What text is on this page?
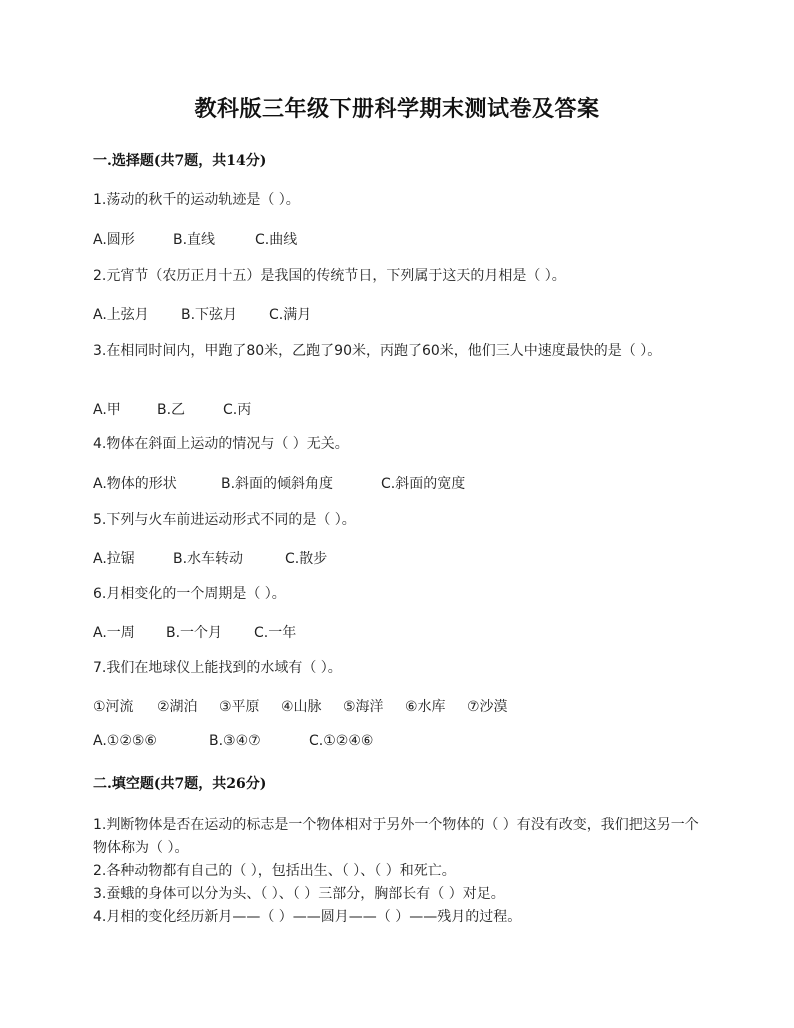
教科版三年级下册科学期末测试卷及答案
一.选择题(共7题，共14分)
1.荡动的秋千的运动轨迹是（ ）。
A.圆形	B.直线	C.曲线
2.元宵节（农历正月十五）是我国的传统节日，下列属于这天的月相是（ ）。
A.上弦月 B.下弦月 C.满月
3.在相同时间内，甲跑了80米，乙跑了90米，丙跑了60米，他们三人中速度最快的是（ ）。
A.甲	B.乙	C.丙
4.物体在斜面上运动的情况与（ ）无关。
A.物体的形状	B.斜面的倾斜角度	C.斜面的宽度
5.下列与火车前进运动形式不同的是（ ）。
A.拉锯	B.水车转动	C.散步
6.月相变化的一个周期是（ ）。
A.一周 B.一个月 C.一年
7.我们在地球仪上能找到的水域有（ ）。
①河流 ②湖泊 ③平原 ④山脉 ⑤海洋 ⑥水库 ⑦沙漠
A.①②⑤⑥	B.③④⑦	C.①②④⑥
二.填空题(共7题，共26分)
1.判断物体是否在运动的标志是一个物体相对于另外一个物体的（ ）有没有改变，我们把这另一个物体称为（ ）。
2.各种动物都有自己的（ ），包括出生、（ ）、（ ）和死亡。
3.蚕蛾的身体可以分为头、（ ）、（ ）三部分，胸部长有（ ）对足。
4.月相的变化经历新月——（ ）——圆月——（ ）——残月的过程。
